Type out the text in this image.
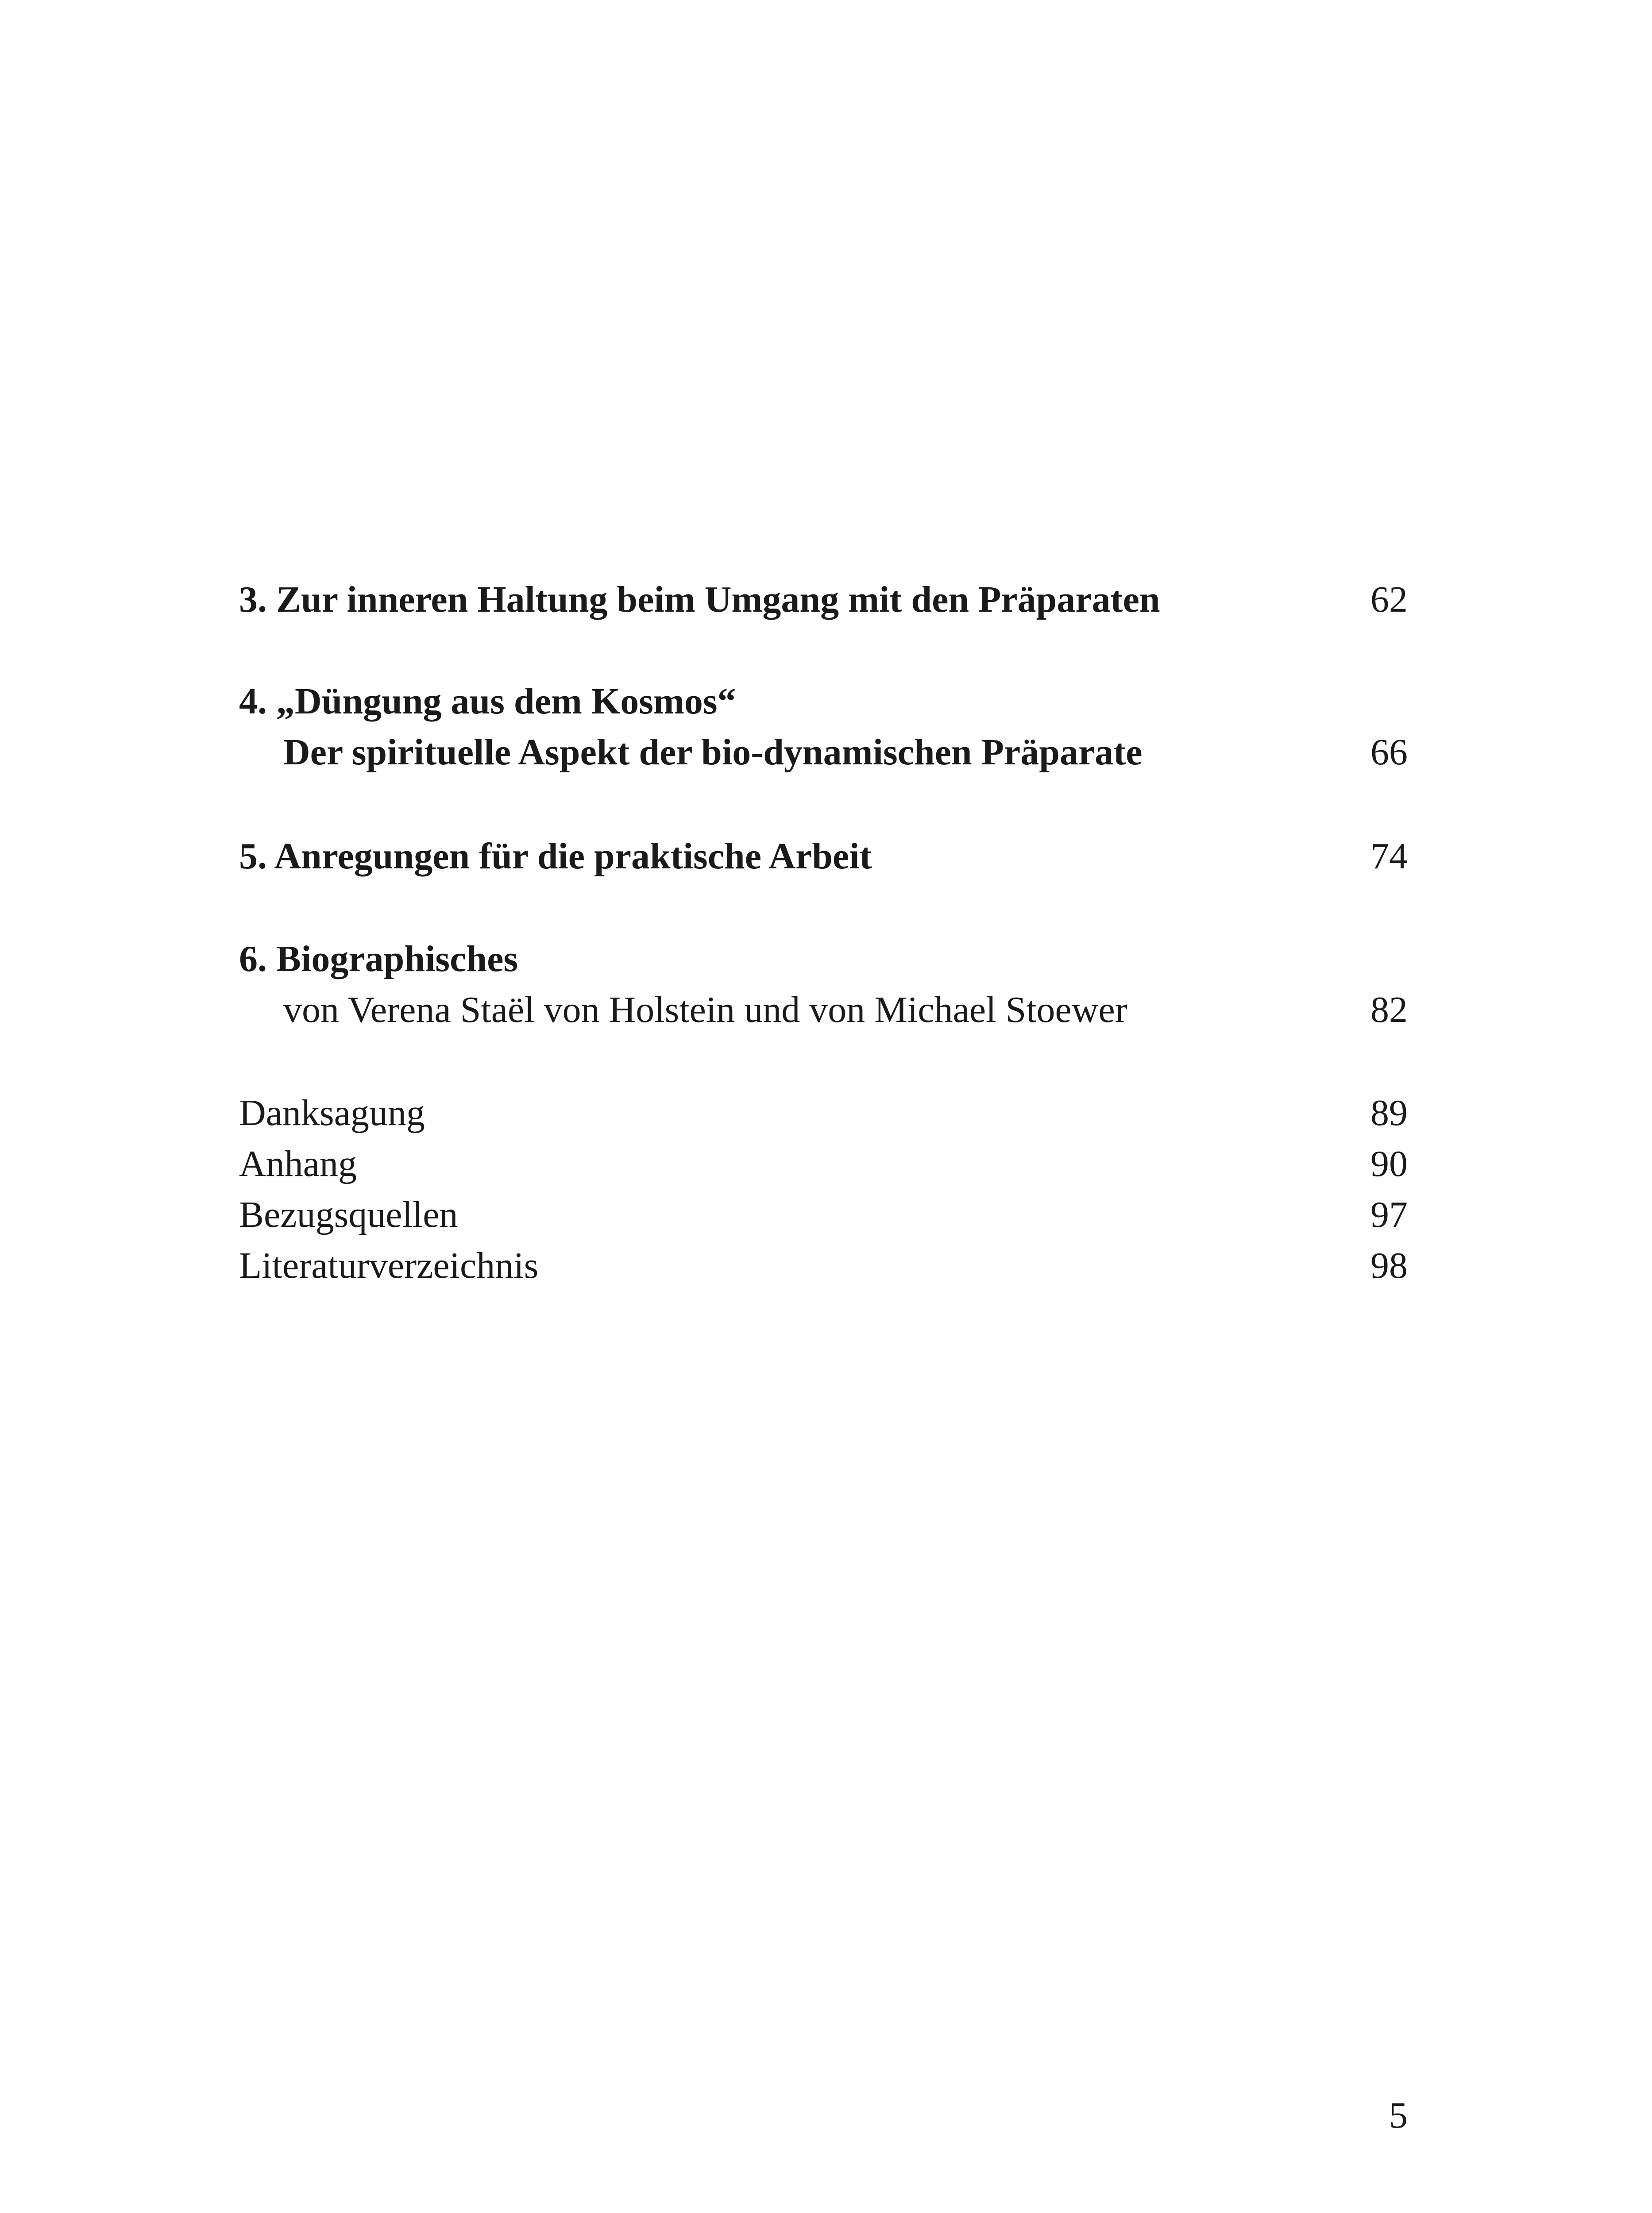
3. Zur inneren Haltung beim Umgang mit den Präparaten	62
4. „Düngung aus dem Kosmos“
Der spirituelle Aspekt der bio-dynamischen Präparate	66
5. Anregungen für die praktische Arbeit	74
6. Biographisches
von Verena Staël von Holstein und von Michael Stoewer	82
Danksagung	89
Anhang	90
Bezugsquellen	97
Literaturverzeichnis	98
5
